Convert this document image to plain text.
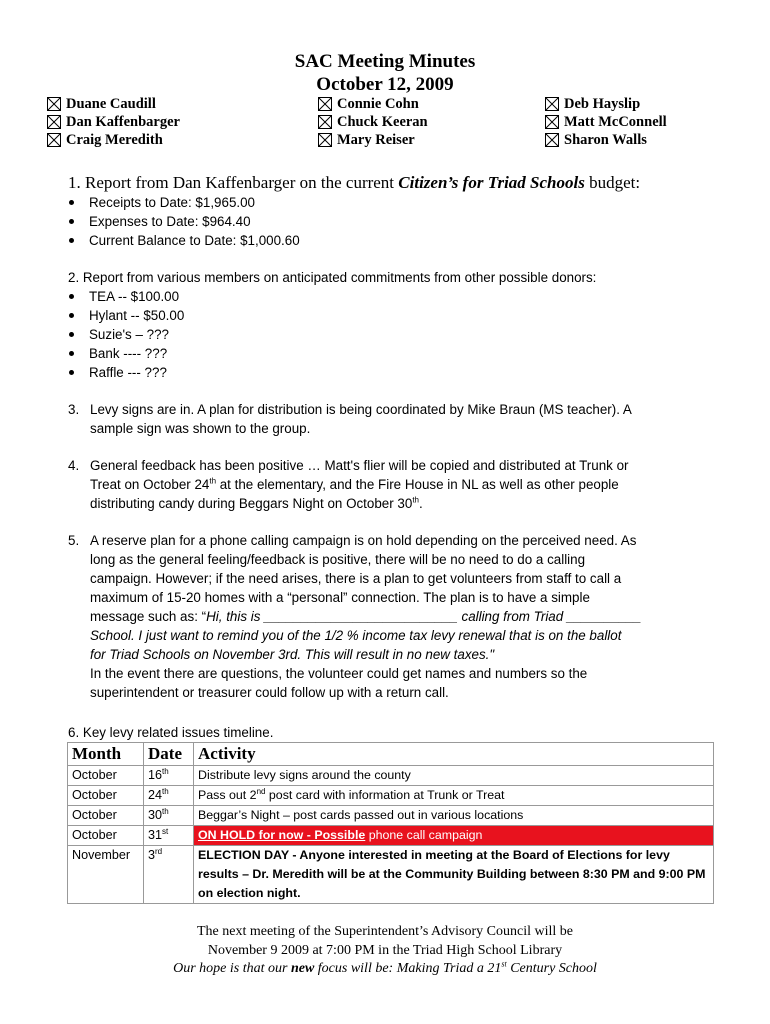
SAC Meeting Minutes
October 12, 2009
Duane Caudill
Dan Kaffenbarger
Craig Meredith
Connie Cohn
Chuck Keeran
Mary Reiser
Deb Hayslip
Matt McConnell
Sharon Walls
1. Report from Dan Kaffenbarger on the current Citizen’s for Triad Schools budget:
Receipts to Date: $1,965.00
Expenses to Date: $964.40
Current Balance to Date: $1,000.60
2. Report from various members on anticipated commitments from other possible donors:
TEA -- $100.00
Hylant -- $50.00
Suzie's – ???
Bank ---- ???
Raffle --- ???
3. Levy signs are in. A plan for distribution is being coordinated by Mike Braun (MS teacher). A
sample sign was shown to the group.
4. General feedback has been positive … Matt's flier will be copied and distributed at Trunk or
Treat on October 24th at the elementary, and the Fire House in NL as well as other people
distributing candy during Beggars Night on October 30th.
5. A reserve plan for a phone calling campaign is on hold depending on the perceived need. As
long as the general feeling/feedback is positive, there will be no need to do a calling
campaign. However; if the need arises, there is a plan to get volunteers from staff to call a
maximum of 15-20 homes with a “personal” connection. The plan is to have a simple
message such as: “Hi, this is __________________________ calling from Triad __________
School. I just want to remind you of the 1/2 % income tax levy renewal that is on the ballot
for Triad Schools on November 3rd. This will result in no new taxes."
In the event there are questions, the volunteer could get names and numbers so the
superintendent or treasurer could follow up with a return call.
6. Key levy related issues timeline.
Month	Date	Activity
October	16th	Distribute levy signs around the county
October	24th	Pass out 2nd post card with information at Trunk or Treat
October	30th	Beggar’s Night – post cards passed out in various locations
October	31st	ON HOLD for now - Possible phone call campaign
November	3rd	ELECTION DAY - Anyone interested in meeting at the Board of Elections for levy results – Dr. Meredith will be at the Community Building between 8:30 PM and 9:00 PM on election night.
The next meeting of the Superintendent’s Advisory Council will be
November 9 2009 at 7:00 PM in the Triad High School Library
Our hope is that our new focus will be: Making Triad a 21st Century School
